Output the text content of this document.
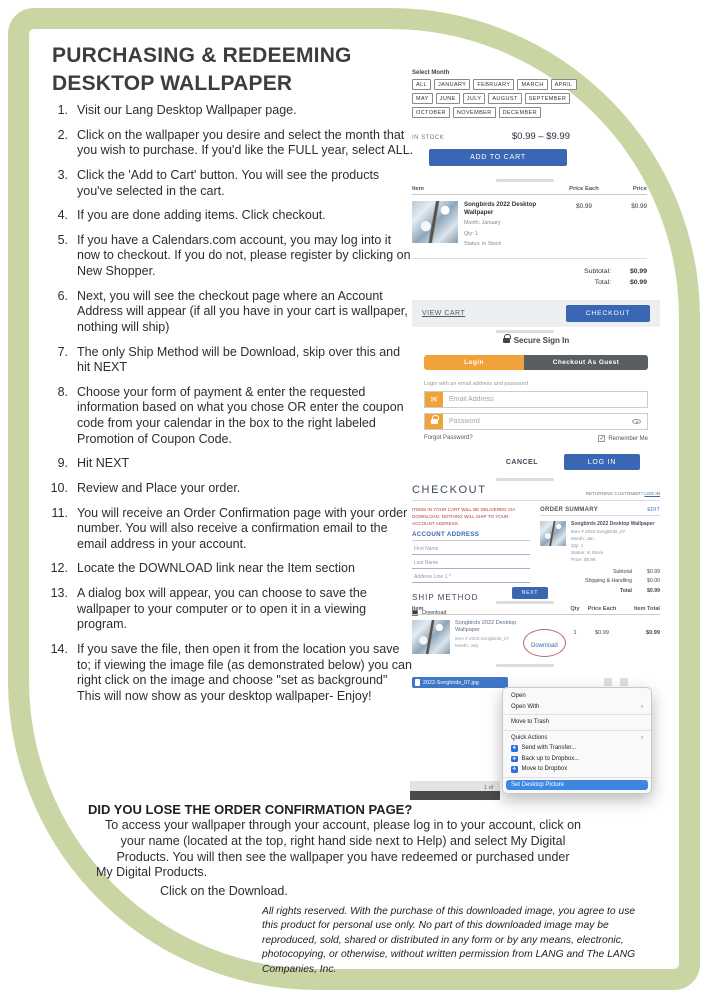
PURCHASING & REDEEMING
DESKTOP WALLPAPER
1. Visit our Lang Desktop Wallpaper page.
2. Click on the wallpaper you desire and select the month that you wish to purchase. If you'd like the FULL year, select ALL.
3. Click the 'Add to Cart' button. You will see the products you've selected in the cart.
4. If you are done adding items. Click checkout.
5. If you have a Calendars.com account, you may log into it now to checkout. If you do not, please register by clicking on New Shopper.
6. Next, you will see the checkout page where an Account Address will appear (if all you have in your cart is wallpaper, nothing will ship)
7. The only Ship Method will be Download, skip over this and hit NEXT
8. Choose your form of payment & enter the requested information based on what you chose OR enter the coupon code from your calendar in the box to the right labeled Promotion of Coupon Code.
9. Hit NEXT
10. Review and Place your order.
11. You will receive an Order Confirmation page with your order number. You will also receive a confirmation email to the email address in your account.
12. Locate the DOWNLOAD link near the Item section
13. A dialog box will appear, you can choose to save the wallpaper to your computer or to open it in a viewing program.
14. If you save the file, then open it from the location you save to; if viewing the image file (as demonstrated below) you can right click on the image and choose "set as background" This will now show as your desktop wallpaper- Enjoy!
DID YOU LOSE THE ORDER CONFIRMATION PAGE?
To access your wallpaper through your account, please log in to your account, click on
your name (located at the top, right hand side next to Help) and select My Digital
Products. You will then see the wallpaper you have redeemed or purchased under
My Digital Products.
Click on the Download.
All rights reserved. With the purchase of this downloaded image, you agree to use this product for personal use only. No part of this downloaded image may be reproduced, sold, shared or distributed in any form or by any means, electronic, photocopying, or otherwise, without written permission from LANG and The LANG Companies, Inc.
Select Month
ALL	JANUARY	FEBRUARY	MARCH	APRIL
MAY	JUNE	JULY	AUGUST	SEPTEMBER
OCTOBER	NOVEMBER	DECEMBER
IN STOCK	$0.99 – $9.99
ADD TO CART
Item	Price Each	Price
Songbirds 2022 Desktop Wallpaper
Month: January
Qty: 1
Status: In Stock
$0.99	$0.99
Subtotal:	$0.99
Total:	$0.99
VIEW CART	CHECKOUT
Secure Sign In
Login	Checkout As Guest
Login with an email address and password
✉
Email Address
Password
Forgot Password?	✓ Remember Me
CANCEL	LOG IN
CHECKOUT	RETURNING CUSTOMER? LOG IN
ITEMS IN YOUR CART WILL BE DELIVERED VIA DOWNLOAD. NOTHING WILL SHIP TO YOUR ACCOUNT ADDRESS.
ACCOUNT ADDRESS
First Name
Last Name
Address Line 1 *
SHIP METHOD
Download
ORDER SUMMARY	EDIT
Songbirds 2022 Desktop Wallpaper
Item # 2022-Songbirds_07
Month: Jan
Qty: 1
Status: In Stock
Price: $0.99
Subtotal	$0.99
Shipping & Handling	$0.00
Total	$0.99
NEXT
Item	Qty	Price Each	Item Total
Songbirds 2022 Desktop Wallpaper
Item # 2022-Songbirds_07
Month: July	Download
1	$0.99	$0.99
2022-Songbirds_07.jpg
1 of
Open
Open With	›
Move to Trash
Quick Actions	›
❖ Send with Transfer...
❖ Back up to Dropbox...
❖ Move to Dropbox
Set Desktop Picture
